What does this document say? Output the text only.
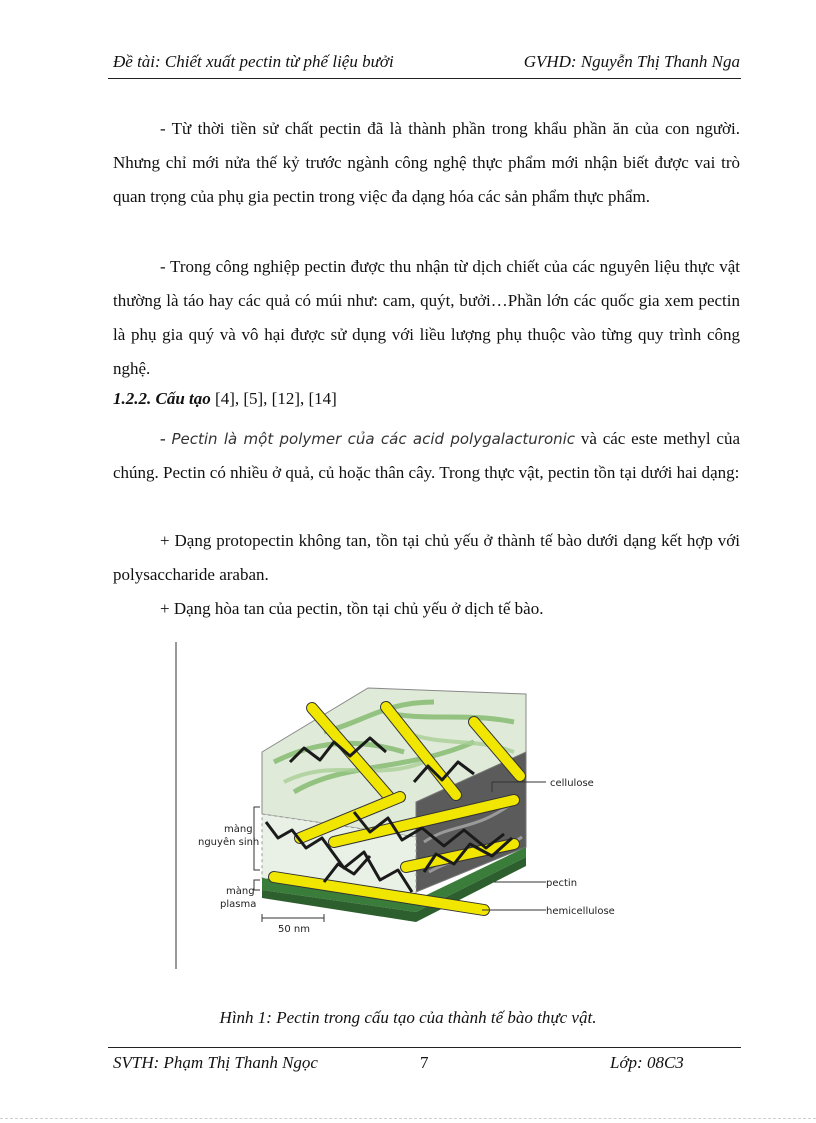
Đề tài: Chiết xuất pectin từ phế liệu bưởi	GVHD: Nguyễn Thị Thanh Nga

- Từ thời tiền sử chất pectin đã là thành phần trong khẩu phần ăn của con người. Nhưng chỉ mới nửa thế kỷ trước ngành công nghệ thực phẩm mới nhận biết được vai trò quan trọng của phụ gia pectin trong việc đa dạng hóa các sản phẩm thực phẩm.

- Trong công nghiệp pectin được thu nhận từ dịch chiết của các nguyên liệu thực vật thường là táo hay các quả có múi như: cam, quýt, bưởi…Phần lớn các quốc gia xem pectin là phụ gia quý và vô hại được sử dụng với liều lượng phụ thuộc vào từng quy trình công nghệ.

1.2.2. Cấu tạo [4], [5], [12], [14]

- Pectin là một polymer của các acid polygalacturonic và các este methyl của chúng. Pectin có nhiều ở quả, củ hoặc thân cây. Trong thực vật, pectin tồn tại dưới hai dạng:

+ Dạng protopectin không tan, tồn tại chủ yếu ở thành tế bào dưới dạng kết hợp với polysaccharide araban.

+ Dạng hòa tan của pectin, tồn tại chủ yếu ở dịch tế bào.

cellulose
màng
nguyên sinh
pectin
màng
plasma
hemicellulose
50 nm
Hình 1: Pectin trong cấu tạo của thành tế bào thực vật.
SVTH: Phạm Thị Thanh Ngọc	7	Lớp: 08C3
